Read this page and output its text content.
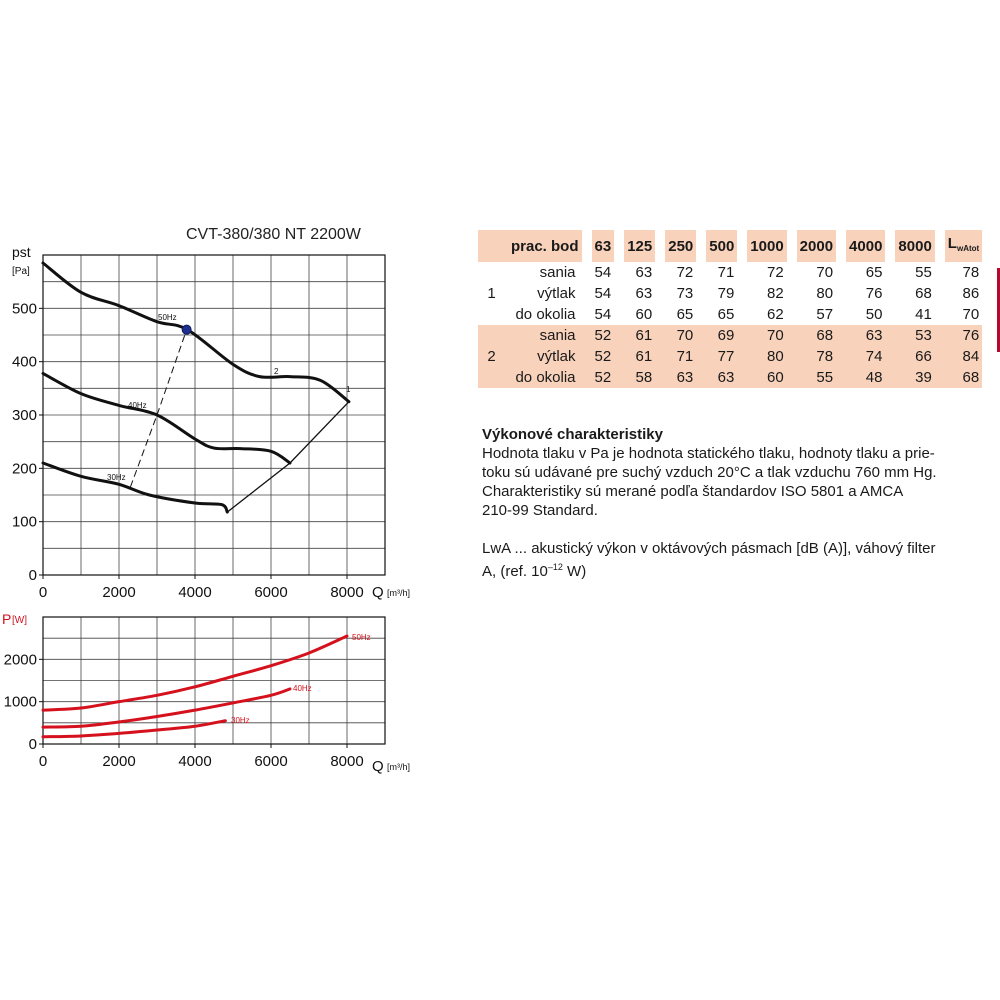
0
100
200
300
400
500
0	2000	4000	6000	8000
pst
[Pa]
Q [m³/h]
50Hz
40Hz
30Hz
1
2
0
1000
2000
0	2000	4000	6000	8000
P [W]
Q [m³/h]
50Hz
40Hz
30Hz
CVT-380/380 NT 2200W
	prac. bod		63		125		250		500		1000		2000		4000		8000		$L_{wAtot}$
	sania		54		63		72		71		72		70		65		55		78
1	výtlak		54		63		73		79		82		80		76		68		86
	do okolia		54		60		65		65		62		57		50		41		70
	sania		52		61		70		69		70		68		63		53		76
2	výtlak		52		61		71		77		80		78		74		66		84
	do okolia		52		58		63		63		60		55		48		39		68
Výkonové charakteristiky

Hodnota tlaku v Pa je hodnota statického tlaku, hodnoty tlaku a prie-

toku sú udávané pre suchý vzduch 20°C a tlak vzduchu 760 mm Hg.

Charakteristiky sú merané podľa štandardov ISO 5801 a AMCA

210-99 Standard.

LwA ... akustický výkon v oktávových pásmach [dB (A)], váhový filter

A, (ref. $10^{-12}$ W)
